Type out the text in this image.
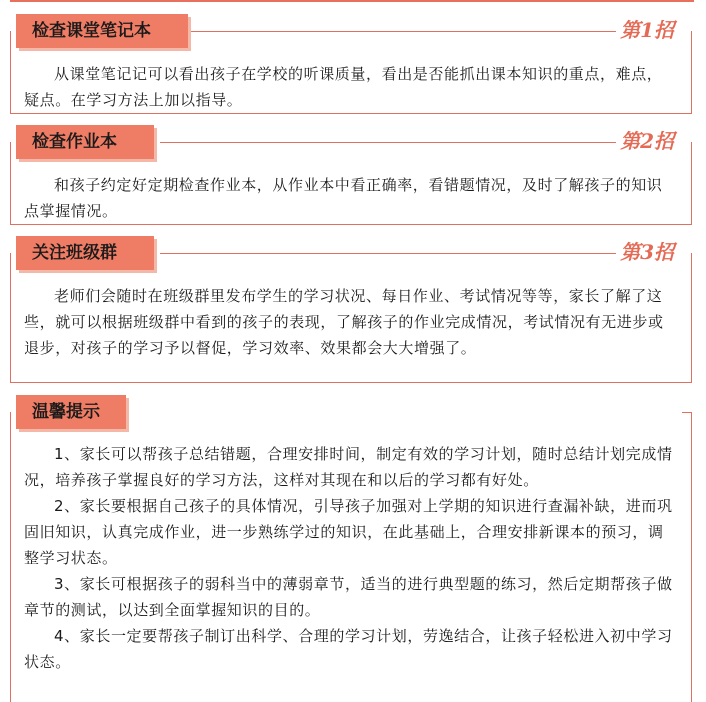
检查课堂笔记本	第1招

从课堂笔记记可以看出孩子在学校的听课质量，看出是否能抓出课本知识的重点，难点，疑点。在学习方法上加以指导。

检查作业本	第2招

和孩子约定好定期检查作业本，从作业本中看正确率，看错题情况，及时了解孩子的知识点掌握情况。

关注班级群	第3招

老师们会随时在班级群里发布学生的学习状况、每日作业、考试情况等等，家长了解了这些，就可以根据班级群中看到的孩子的表现，了解孩子的作业完成情况，考试情况有无进步或退步，对孩子的学习予以督促，学习效率、效果都会大大增强了。

温馨提示

1、家长可以帮孩子总结错题，合理安排时间，制定有效的学习计划，随时总结计划完成情况，培养孩子掌握良好的学习方法，这样对其现在和以后的学习都有好处。

2、家长要根据自己孩子的具体情况，引导孩子加强对上学期的知识进行查漏补缺，进而巩固旧知识，认真完成作业，进一步熟练学过的知识，在此基础上，合理安排新课本的预习，调整学习状态。

3、家长可根据孩子的弱科当中的薄弱章节，适当的进行典型题的练习，然后定期帮孩子做章节的测试，以达到全面掌握知识的目的。

4、家长一定要帮孩子制订出科学、合理的学习计划，劳逸结合，让孩子轻松进入初中学习状态。
